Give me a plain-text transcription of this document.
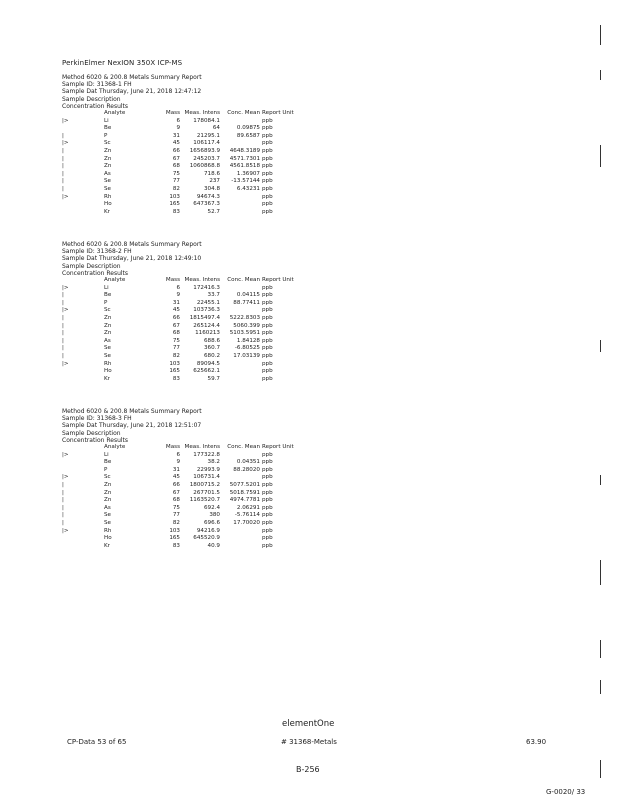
PerkinElmer NexION 350X ICP-MS
Method 6020 & 200.8 Metals Summary Report
Sample ID: 31368-1 FH
Sample Dat Thursday, June 21, 2018 12:47:12
Sample Description
Concentration Results
Analyte	Mass Meas. Intens	Conc. Mean Report Unit
|>	Li	6	178084.1	ppb
Be	9	64	0.09875 ppb
|	P	31	21295.1	89.6587 ppb
|>	Sc	45	106117.4	ppb
|	Zn	66	1656893.9	4648.3189 ppb
|	Zn	67	245203.7	4571.7301 ppb
|	Zn	68	1060868.8	4561.8518 ppb
|	As	75	718.6	1.36907 ppb
|	Se	77	237	-13.57144 ppb
|	Se	82	304.8	6.43231 ppb
|>	Rh	103	94674.3	ppb
Ho	165	647367.3	ppb
Kr	83	52.7	ppb
Method 6020 & 200.8 Metals Summary Report
Sample ID: 31368-2 FH
Sample Dat Thursday, June 21, 2018 12:49:10
Sample Description
Concentration Results
Analyte	Mass Meas. Intens	Conc. Mean Report Unit
|>	Li	6	172416.3	ppb
|	Be	9	33.7	0.04115 ppb
|	P	31	22455.1	88.77411 ppb
|>	Sc	45	103736.3	ppb
|	Zn	66	1815497.4	5222.8303 ppb
|	Zn	67	265124.4	5060.399 ppb
|	Zn	68	1160213	5103.5951 ppb
|	As	75	688.6	1.84128 ppb
|	Se	77	360.7	-6.80525 ppb
|	Se	82	680.2	17.03139 ppb
|>	Rh	103	89094.5	ppb
Ho	165	625662.1	ppb
Kr	83	59.7	ppb
Method 6020 & 200.8 Metals Summary Report
Sample ID: 31368-3 FH
Sample Dat Thursday, June 21, 2018 12:51:07
Sample Description
Concentration Results
Analyte	Mass Meas. Intens	Conc. Mean Report Unit
|>	Li	6	177322.8	ppb
Be	9	38.2	0.04351 ppb
P	31	22993.9	88.28020 ppb
|>	Sc	45	106731.4	ppb
|	Zn	66	1800715.2	5077.5201 ppb
|	Zn	67	267701.5	5018.7591 ppb
|	Zn	68	1163520.7	4974.7781 ppb
|	As	75	692.4	2.06291 ppb
|	Se	77	380	-5.76114 ppb
|	Se	82	696.6	17.70020 ppb
|>	Rh	103	94216.9	ppb
Ho	165	645520.9	ppb
Kr	83	40.9	ppb
elementOne
CP-Data 53 of 65	# 31368-Metals	63.90
B-256
G-0020/ 33
